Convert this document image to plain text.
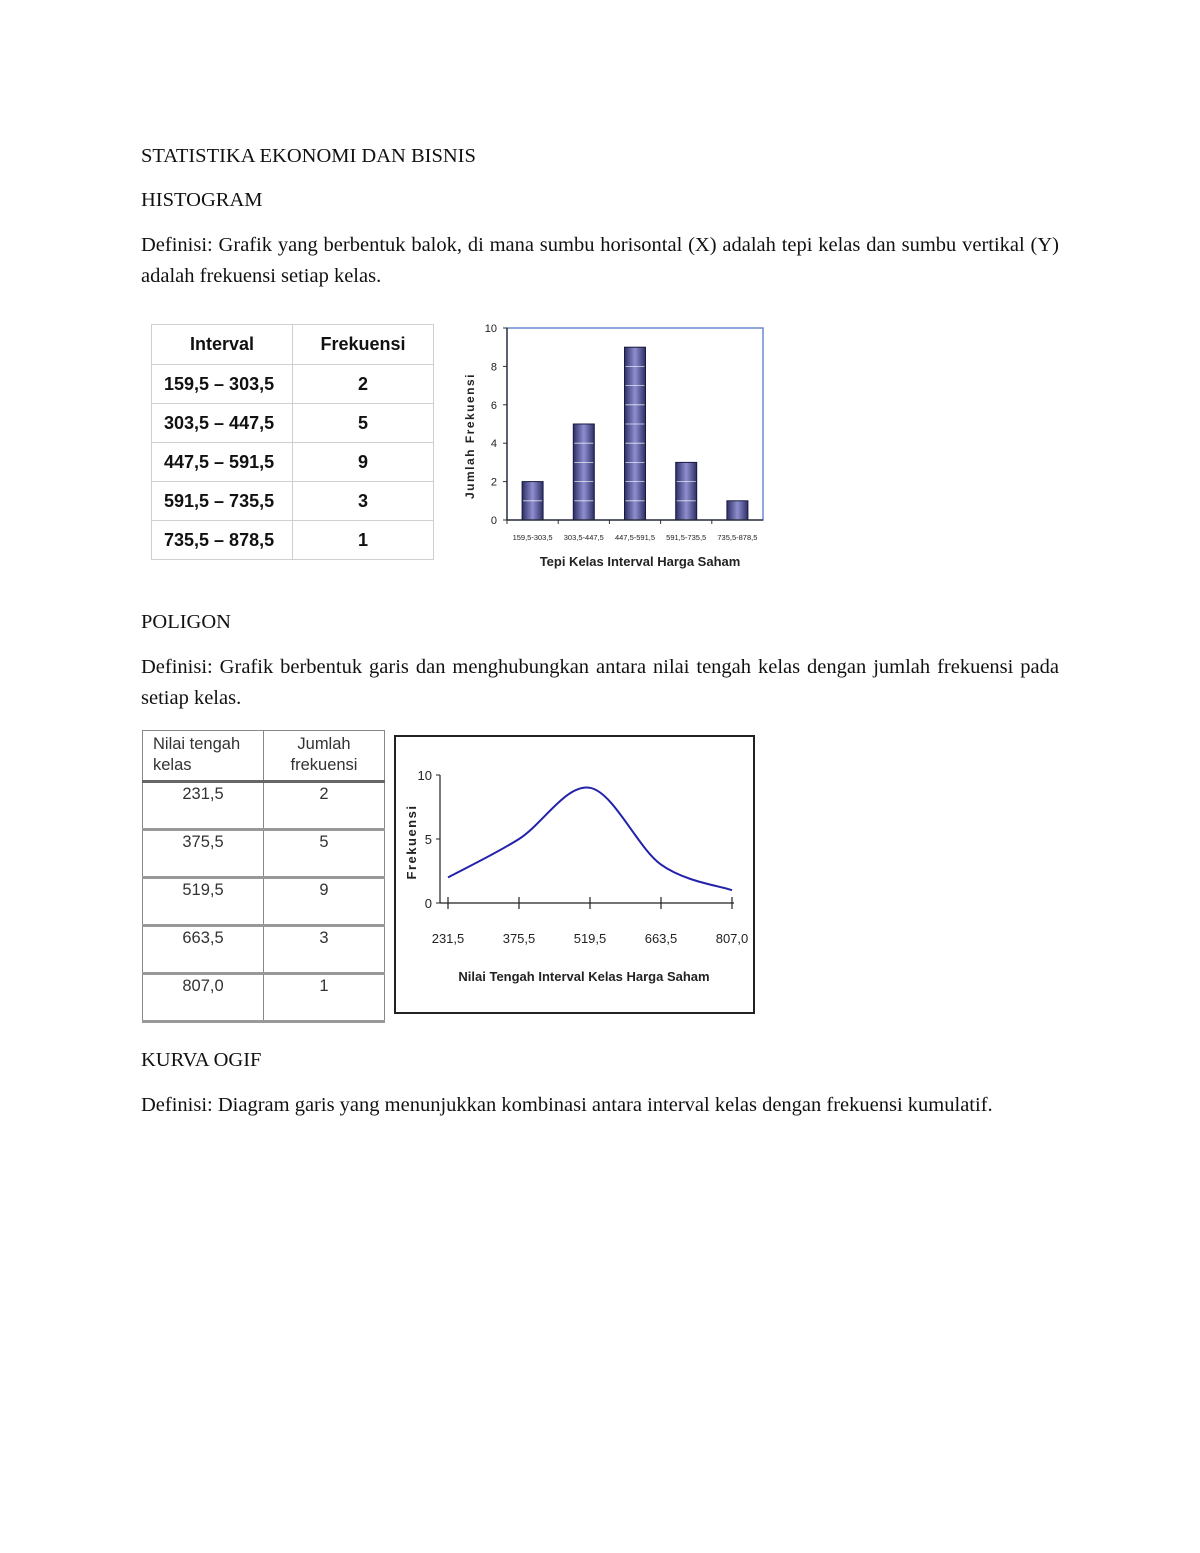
STATISTIKA EKONOMI DAN BISNIS

HISTOGRAM

Definisi: Grafik yang berbentuk balok, di mana sumbu horisontal (X) adalah tepi kelas dan sumbu vertikal (Y) adalah frekuensi setiap kelas.

Interval	Frekuensi
159,5 – 303,5	2
303,5 – 447,5	5
447,5 – 591,5	9
591,5 – 735,5	3
735,5 – 878,5	1
0
2
4
6
8
10
159,5-303,5 303,5-447,5 447,5-591,5 591,5-735,5 735,5-878,5
Tepi Kelas Interval Harga Saham
Jumlah Frekuensi

POLIGON

Definisi: Grafik berbentuk garis dan menghubungkan antara nilai tengah kelas dengan jumlah frekuensi pada setiap kelas.

Nilai tengah kelas	Jumlah frekuensi
231,5	2
375,5	5
519,5	9
663,5	3
807,0	1
0
5
10
231,5	375,5	519,5	663,5	807,0
Nilai Tengah Interval Kelas Harga Saham
Frekuensi

KURVA OGIF

Definisi: Diagram garis yang menunjukkan kombinasi antara interval kelas dengan frekuensi kumulatif.
